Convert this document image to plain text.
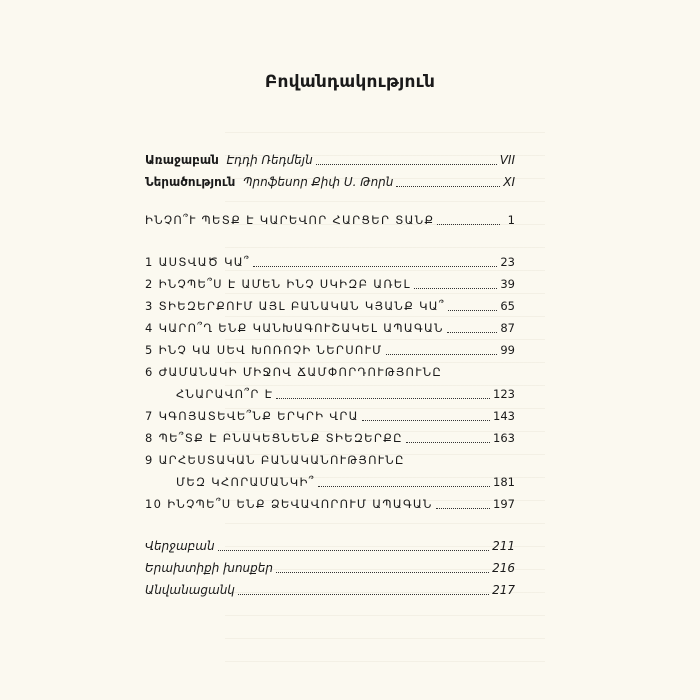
Բովանդակություն
Առաջաբան Էդդի Ռեդմեյն	VII
Ներածություն Պրոֆեսոր Քիփ Ս. Թորն	XI
ԻՆՉՈ՞Ւ ՊԵՏՔ Է ԿԱՐԵՎՈՐ ՀԱՐՑԵՐ ՏԱՆՔ	1
1 ԱՍՏՎԱԾ ԿԱ՞	23
2 ԻՆՉՊԵ՞Ս Է ԱՄԵՆ ԻՆՉ ՍԿԻԶԲ ԱՌԵԼ	39
3 ՏԻԵԶԵՐՔՈՒՄ ԱՅԼ ԲԱՆԱԿԱՆ ԿՅԱՆՔ ԿԱ՞	65
4 ԿԱՐՈ՞Ղ ԵՆՔ ԿԱՆԽԱԳՈՒՇԱԿԵԼ ԱՊԱԳԱՆ	87
5 ԻՆՉ ԿԱ ՍԵՎ ԽՈՌՈՉԻ ՆԵՐՍՈՒՄ	99
6 ԺԱՄԱՆԱԿԻ ՄԻՋՈՎ ՃԱՄՓՈՐԴՈՒԹՅՈՒՆԸ
ՀՆԱՐԱՎՈ՞Ր Է	123
7 ԿԳՈՅԱՏԵՎԵ՞ՆՔ ԵՐԿՐԻ ՎՐԱ	143
8 ՊԵ՞ՏՔ Է ԲՆԱԿԵՑՆԵՆՔ ՏԻԵԶԵՐՔԸ	163
9 ԱՐՀԵՍՏԱԿԱՆ ԲԱՆԱԿԱՆՈՒԹՅՈՒՆԸ
ՄԵԶ ԿՀՈՐԱՄԱՆԿԻ՞	181
10 ԻՆՉՊԵ՞Ս ԵՆՔ ՁԵՎԱՎՈՐՈՒՄ ԱՊԱԳԱՆ	197
Վերջաբան	211
Երախտիքի խոսքեր	216
Անվանացանկ	217
